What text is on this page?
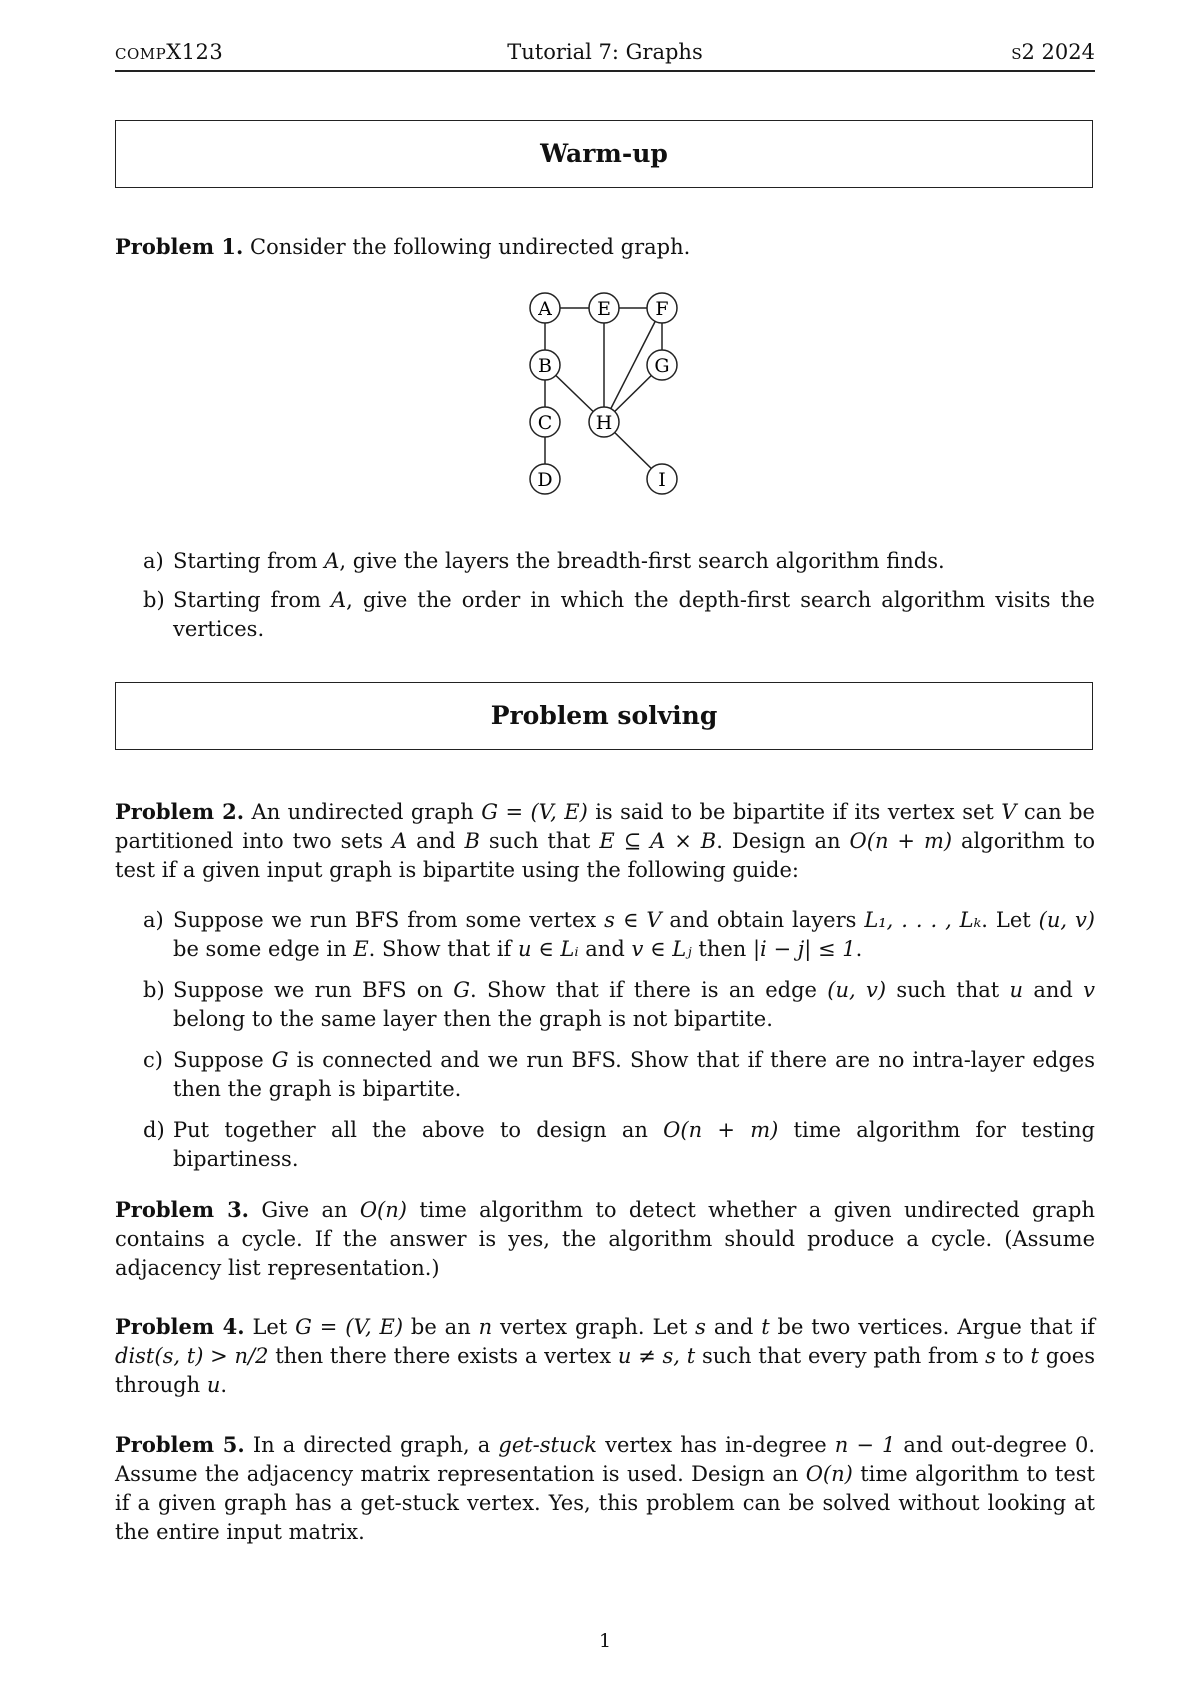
compX123	Tutorial 7: Graphs	s2 2024
Warm-up
Problem 1. Consider the following undirected graph.
A E F
B	G
C H
D	I
a) Starting from A, give the layers the breadth-first search algorithm finds.
b) Starting from A, give the order in which the depth-first search algorithm visits the vertices.
Problem solving
Problem 2. An undirected graph G = (V, E) is said to be bipartite if its vertex set V can be partitioned into two sets A and B such that E ⊆ A × B. Design an O(n + m) algorithm to test if a given input graph is bipartite using the following guide:
a) Suppose we run BFS from some vertex s ∈ V and obtain layers L₁, . . . , Lₖ. Let (u, v) be some edge in E. Show that if u ∈ Lᵢ and v ∈ Lⱼ then |i − j| ≤ 1.
b) Suppose we run BFS on G. Show that if there is an edge (u, v) such that u and v belong to the same layer then the graph is not bipartite.
c) Suppose G is connected and we run BFS. Show that if there are no intra-layer edges then the graph is bipartite.
d) Put together all the above to design an O(n + m) time algorithm for testing bipartiness.
Problem 3. Give an O(n) time algorithm to detect whether a given undirected graph contains a cycle. If the answer is yes, the algorithm should produce a cycle. (Assume adjacency list representation.)
Problem 4. Let G = (V, E) be an n vertex graph. Let s and t be two vertices. Argue that if dist(s, t) > n/2 then there there exists a vertex u ≠ s, t such that every path from s to t goes through u.
Problem 5. In a directed graph, a get-stuck vertex has in-degree n − 1 and out-degree 0. Assume the adjacency matrix representation is used. Design an O(n) time algorithm to test if a given graph has a get-stuck vertex. Yes, this problem can be solved without looking at the entire input matrix.
1
